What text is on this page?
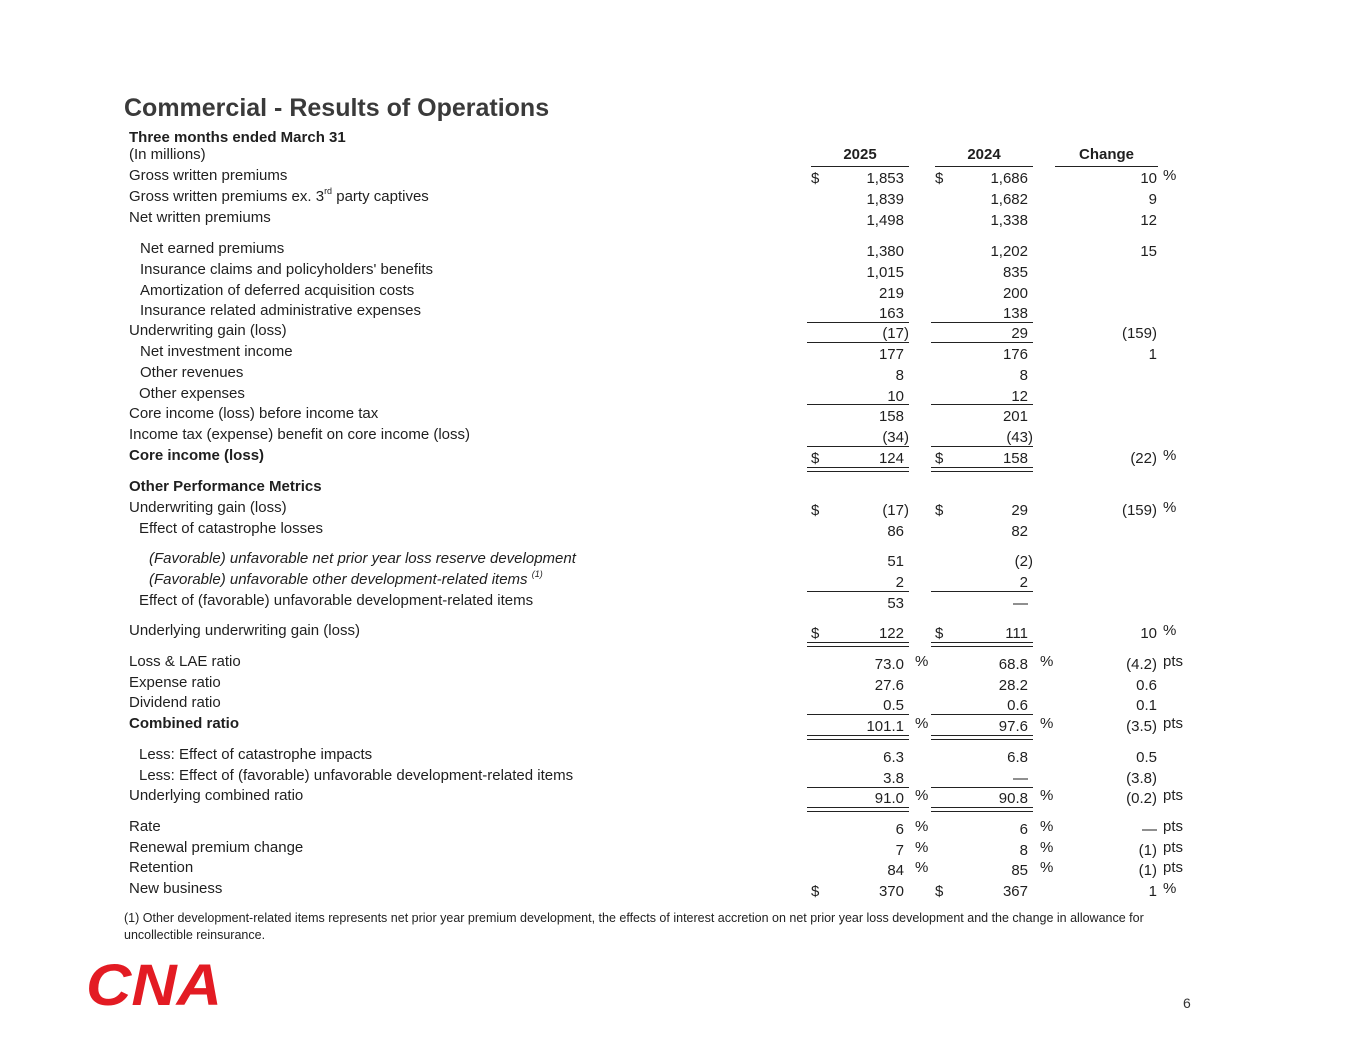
Commercial - Results of Operations
Three months ended March 31
(In millions)	2025	2024	Change
Gross written premiums	$	1,853 $	1,686	10 %
Gross written premiums ex. 3rd party captives	1,839	1,682	9
Net written premiums	1,498	1,338	12
Net earned premiums	1,380	1,202	15
Insurance claims and policyholders' benefits	1,015	835
Amortization of deferred acquisition costs	219	200
Insurance related administrative expenses	163	138
Underwriting gain (loss)	(17)	29	(159)
Net investment income	177	176	1
Other revenues	8	8
Other expenses	10	12
Core income (loss) before income tax	158	201
Income tax (expense) benefit on core income (loss)	(34)	(43)
Core income (loss)	$	124 $	158	(22) %
Other Performance Metrics
Underwriting gain (loss)	$	(17) $	29	(159) %
Effect of catastrophe losses	86	82
(Favorable) unfavorable net prior year loss reserve development	51	(2)
(Favorable) unfavorable other development-related items $^{(1)}$	2	2
Effect of (favorable) unfavorable development-related items	53	—
Underlying underwriting gain (loss)	$	122 $	111	10 %
Loss & LAE ratio	73.0 %	68.8 %	(4.2) pts
Expense ratio	27.6	28.2	0.6
Dividend ratio	0.5	0.6	0.1
Combined ratio	101.1 %	97.6 %	(3.5) pts
Less: Effect of catastrophe impacts	6.3	6.8	0.5
Less: Effect of (favorable) unfavorable development-related items	3.8	—	(3.8)
Underlying combined ratio	91.0 %	90.8 %	(0.2) pts
Rate	6 %	6 %	— pts
Renewal premium change	7 %	8 %	(1) pts
Retention	84 %	85 %	(1) pts
New business	$	370 $	367	1 %
(1) Other development-related items represents net prior year premium development, the effects of interest accretion on net prior year loss development and the change in allowance for uncollectible reinsurance.
CNA	6
